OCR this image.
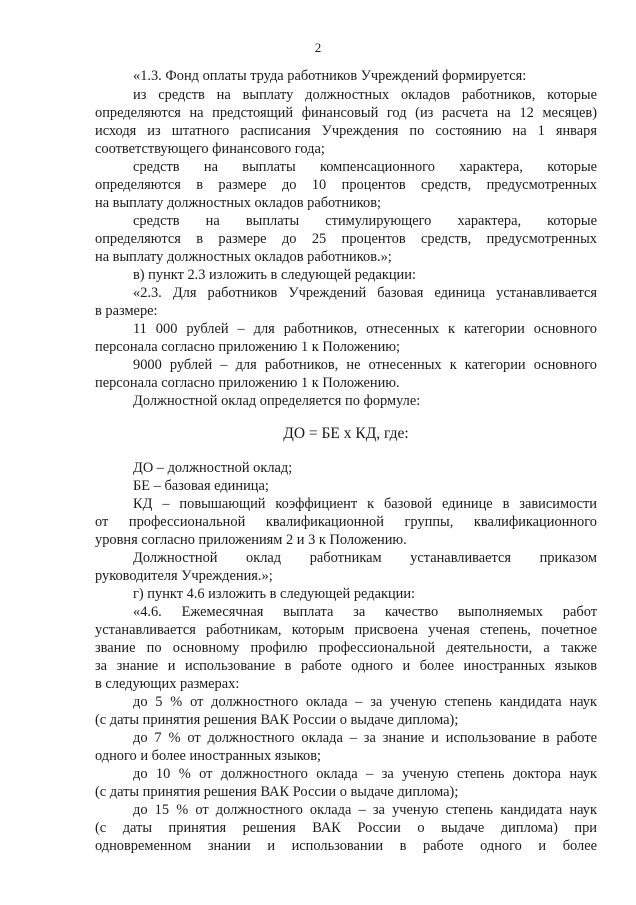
2
«1.3. Фонд оплаты труда работников Учреждений формируется:
из средств на выплату должностных окладов работников, которые
определяются на предстоящий финансовый год (из расчета на 12 месяцев)
исходя из штатного расписания Учреждения по состоянию на 1 января
соответствующего финансового года;
средств на выплаты компенсационного характера, которые
определяются в размере до 10 процентов средств, предусмотренных
на выплату должностных окладов работников;
средств на выплаты стимулирующего характера, которые
определяются в размере до 25 процентов средств, предусмотренных
на выплату должностных окладов работников.»;
в) пункт 2.3 изложить в следующей редакции:
«2.3. Для работников Учреждений базовая единица устанавливается
в размере:
11 000 рублей – для работников, отнесенных к категории основного
персонала согласно приложению 1 к Положению;
9000 рублей – для работников, не отнесенных к категории основного
персонала согласно приложению 1 к Положению.
Должностной оклад определяется по формуле:
ДО = БЕ х КД, где:
ДО – должностной оклад;
БЕ – базовая единица;
КД – повышающий коэффициент к базовой единице в зависимости
от профессиональной квалификационной группы, квалификационного
уровня согласно приложениям 2 и 3 к Положению.
Должностной оклад работникам устанавливается приказом
руководителя Учреждения.»;
г) пункт 4.6 изложить в следующей редакции:
«4.6. Ежемесячная выплата за качество выполняемых работ
устанавливается работникам, которым присвоена ученая степень, почетное
звание по основному профилю профессиональной деятельности, а также
за знание и использование в работе одного и более иностранных языков
в следующих размерах:
до 5 % от должностного оклада – за ученую степень кандидата наук
(с даты принятия решения ВАК России о выдаче диплома);
до 7 % от должностного оклада – за знание и использование в работе
одного и более иностранных языков;
до 10 % от должностного оклада – за ученую степень доктора наук
(с даты принятия решения ВАК России о выдаче диплома);
до 15 % от должностного оклада – за ученую степень кандидата наук
(с даты принятия решения ВАК России о выдаче диплома) при
одновременном знании и использовании в работе одного и более
